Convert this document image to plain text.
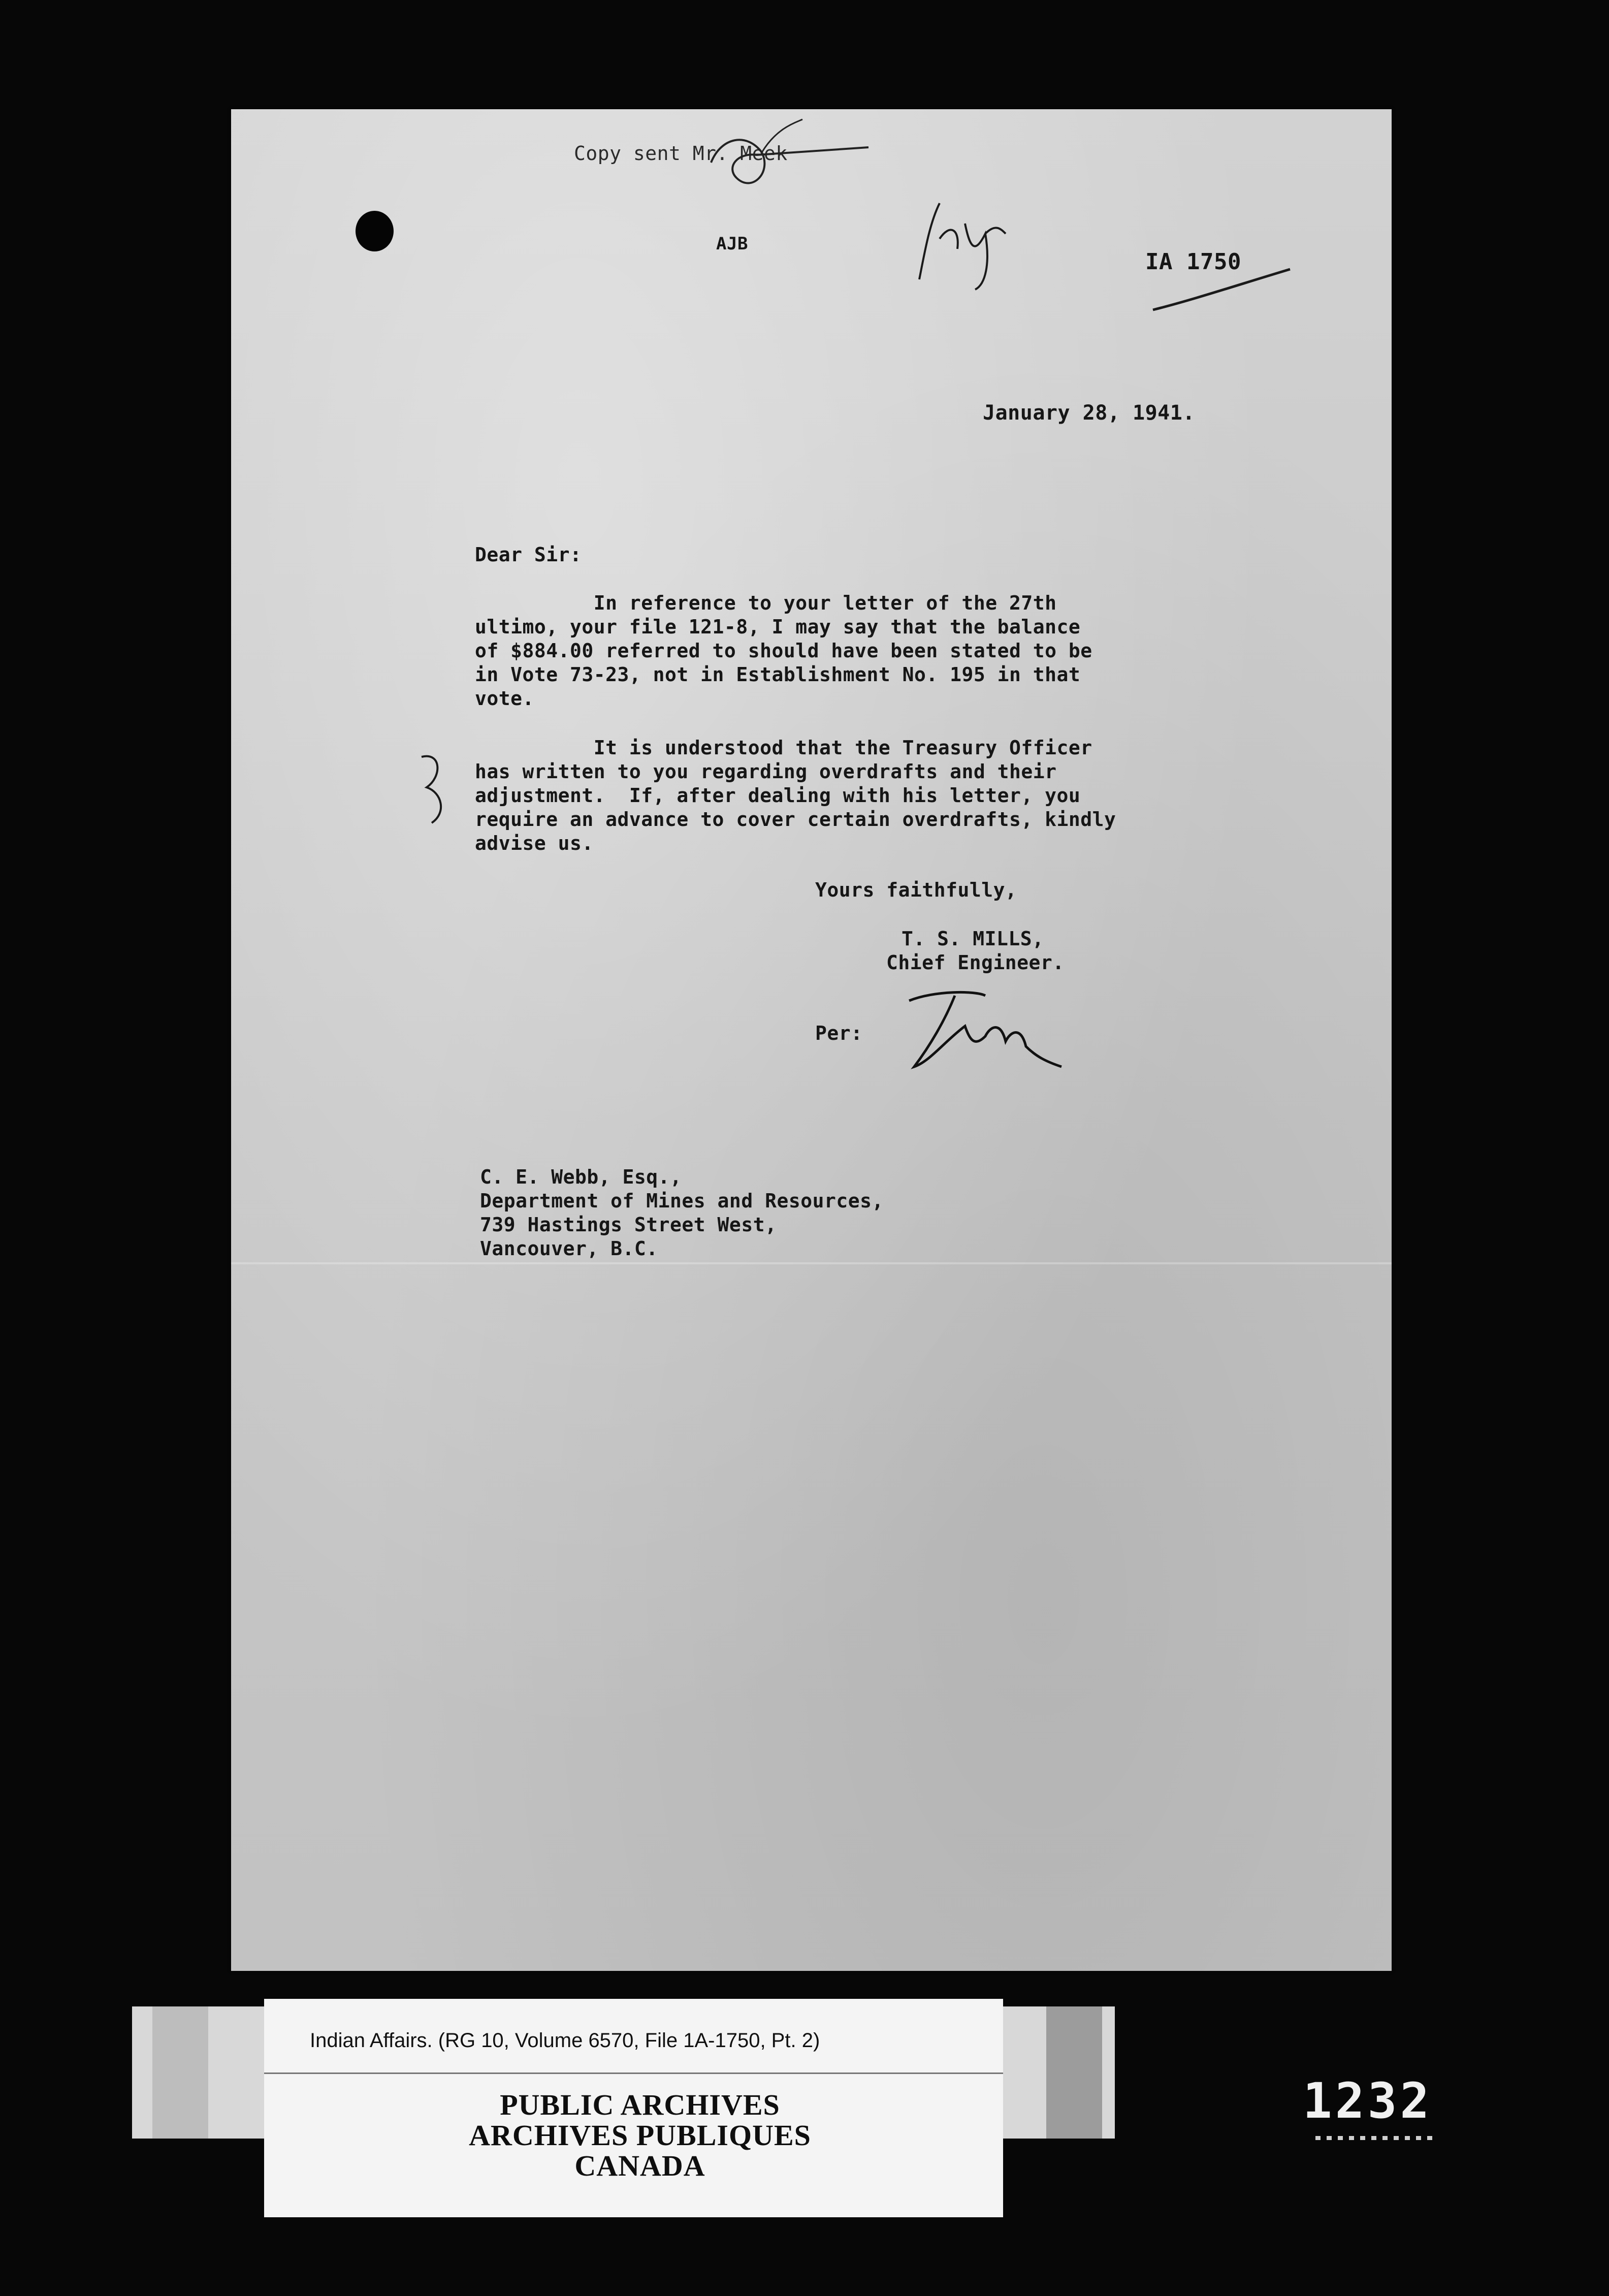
Copy sent Mr. Meek
AJB
IA 1750
January 28, 1941.
Dear Sir:
In reference to your letter of the 27th
ultimo, your file 121-8, I may say that the balance
of $884.00 referred to should have been stated to be
in Vote 73-23, not in Establishment No. 195 in that
vote.
It is understood that the Treasury Officer
has written to you regarding overdrafts and their
adjustment.  If, after dealing with his letter, you
require an advance to cover certain overdrafts, kindly
advise us.
Yours faithfully,
T. S. MILLS,
Chief Engineer.
Per:
C. E. Webb, Esq.,
Department of Mines and Resources,
739 Hastings Street West,
Vancouver, B.C.
Indian Affairs. (RG 10, Volume 6570, File 1A-1750, Pt. 2)
PUBLIC ARCHIVES
ARCHIVES PUBLIQUES
CANADA
1232
